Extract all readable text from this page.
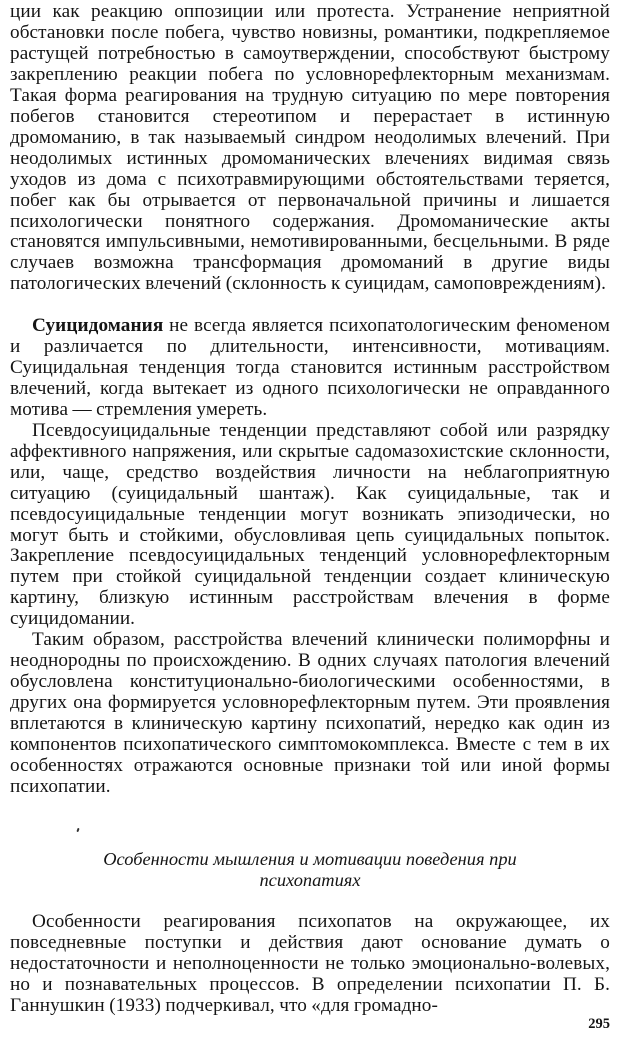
ции как реакцию оппозиции или протеста. Устранение неприятной обстановки после побега, чувство новизны, романтики, подкрепляемое растущей потребностью в самоутверждении, способствуют быстрому закреплению реакции побега по условнорефлекторным механизмам. Такая форма реагирования на трудную ситуацию по мере повторения побегов становится стереотипом и перерастает в истинную дромоманию, в так называемый синдром неодолимых влечений. При неодолимых истинных дромоманических влечениях видимая связь уходов из дома с психотравмирующими обстоятельствами теряется, побег как бы отрывается от первоначальной причины и лишается психологически понятного содержания. Дромоманические акты становятся импульсивными, немотивированными, бесцельными. В ряде случаев возможна трансформация дромоманий в другие виды патологических влечений (склонность к суицидам, самоповреждениям).

Суицидомания не всегда является психопатологическим феноменом и различается по длительности, интенсивности, мотивациям. Суицидальная тенденция тогда становится истинным расстройством влечений, когда вытекает из одного психологически не оправданного мотива — стремления умереть.

Псевдосуицидальные тенденции представляют собой или разрядку аффективного напряжения, или скрытые садомазохистские склонности, или, чаще, средство воздействия личности на неблагоприятную ситуацию (суицидальный шантаж). Как суицидальные, так и псевдосуицидальные тенденции могут возникать эпизодически, но могут быть и стойкими, обусловливая цепь суицидальных попыток. Закрепление псевдосуицидальных тенденций условнорефлекторным путем при стойкой суицидальной тенденции создает клиническую картину, близкую истинным расстройствам влечения в форме суицидомании.

Таким образом, расстройства влечений клинически полиморфны и неоднородны по происхождению. В одних случаях патология влечений обусловлена конституционально-биологическими особенностями, в других она формируется условнорефлекторным путем. Эти проявления вплетаются в клиническую картину психопатий, нередко как один из компонентов психопатического симптомокомплекса. Вместе с тем в их особенностях отражаются основные признаки той или иной формы психопатии.

Особенности мышления и мотивации поведения при
психопатиях

Особенности реагирования психопатов на окружающее, их повседневные поступки и действия дают основание думать о недостаточности и неполноценности не только эмоционально-волевых, но и познавательных процессов. В определении психопатии П. Б. Ганнушкин (1933) подчеркивал, что «для громадно-

295
